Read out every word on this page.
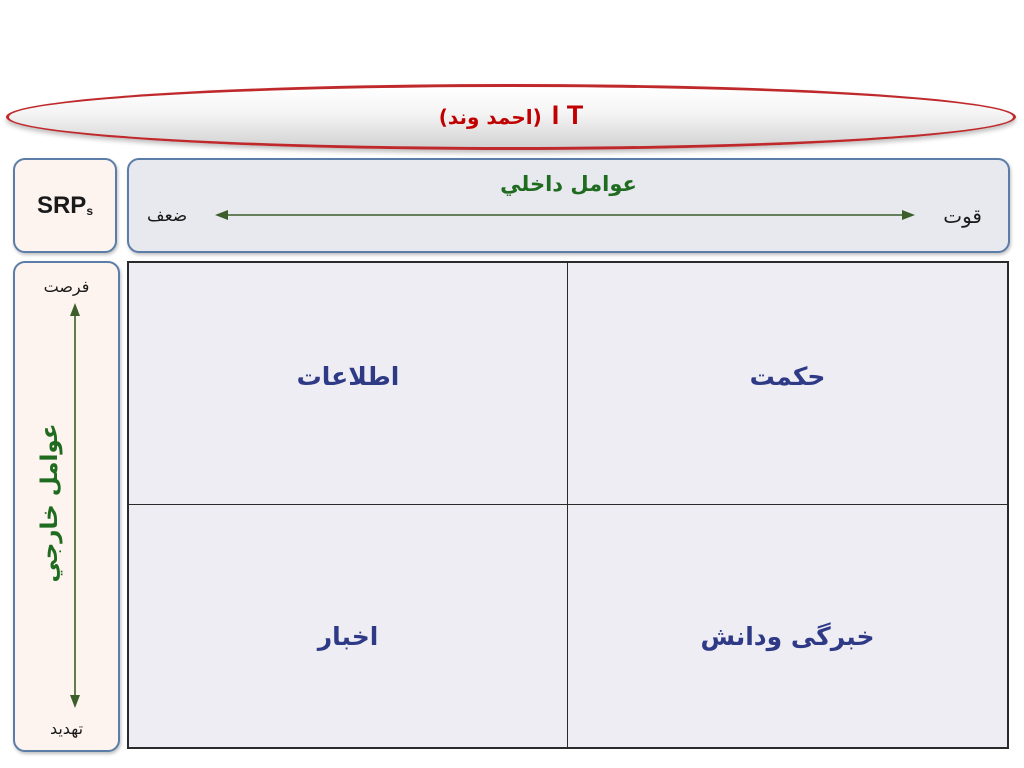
I T
(احمد وند)
SRPs
عوامل داخلي
قوت
ضعف
فرصت
عوامل خارجي
تهديد
اطلاعات	حكمت
اخبار	خبرگی ودانش
